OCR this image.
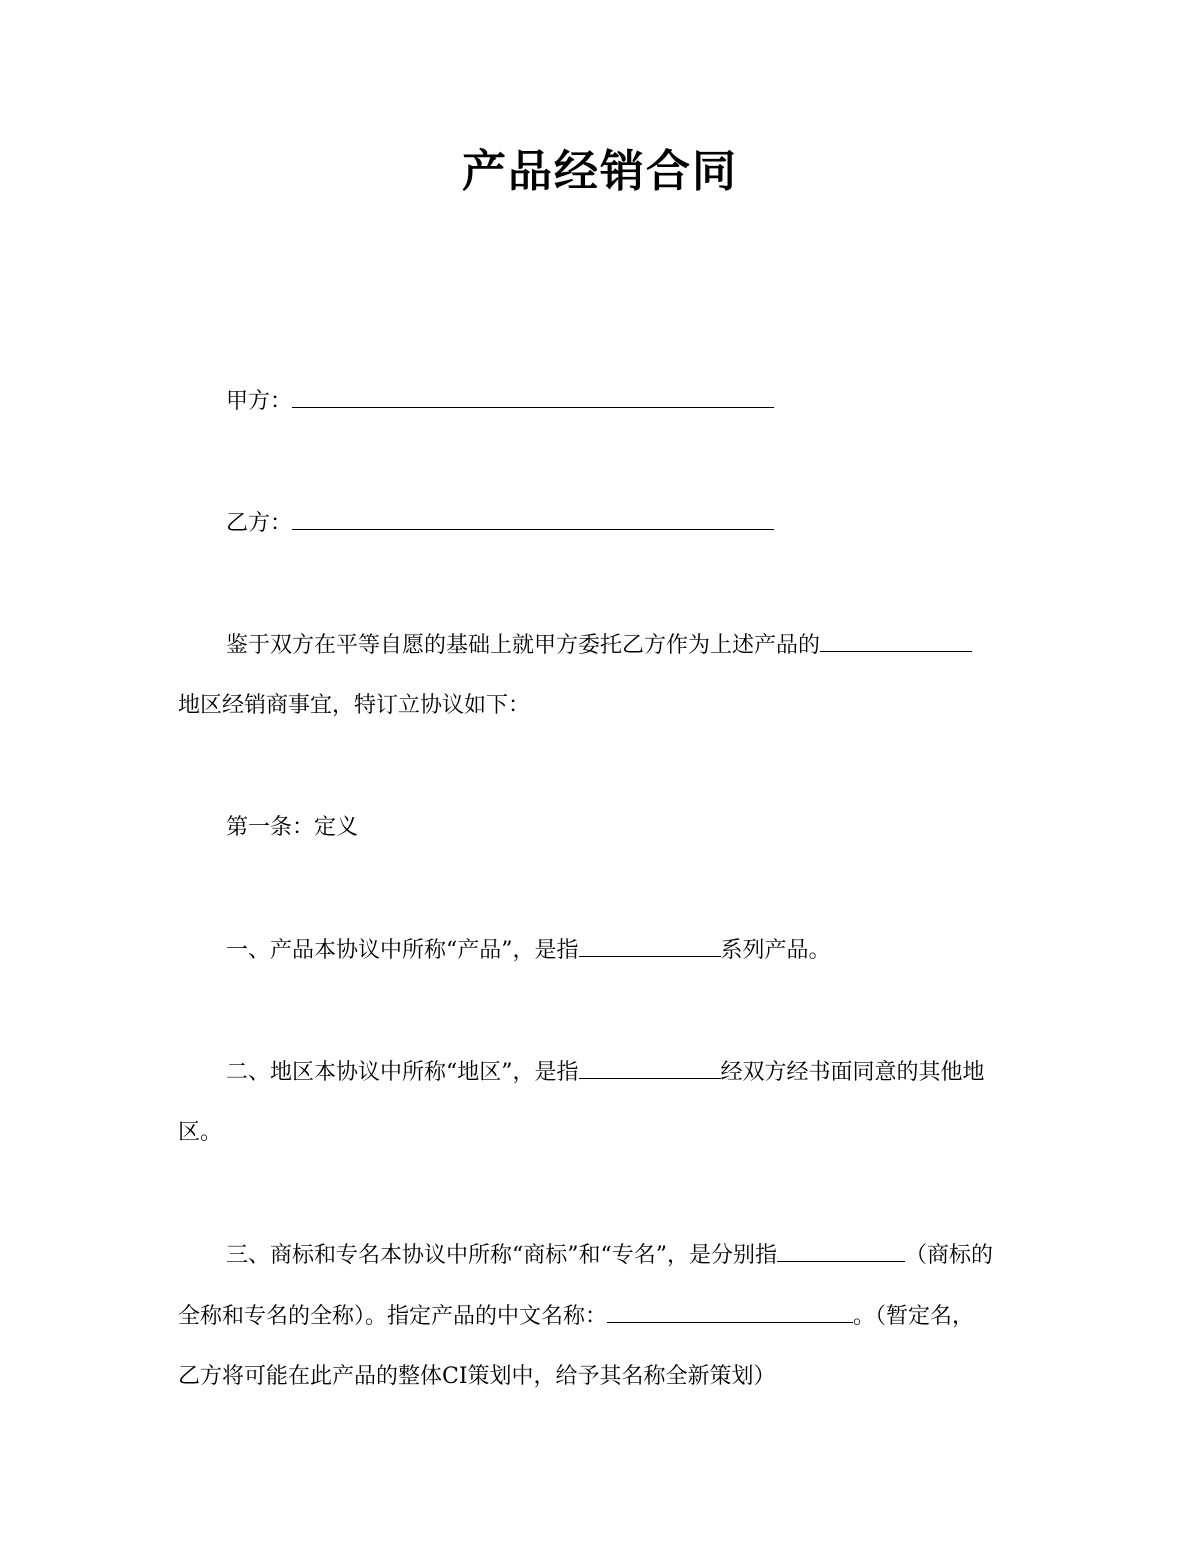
产品经销合同
甲方：
乙方：
鉴于双方在平等自愿的基础上就甲方委托乙方作为上述产品的
地区经销商事宜，特订立协议如下：
第一条：定义
一、产品本协议中所称“产品”，是指	系列产品。
二、地区本协议中所称“地区”，是指	经双方经书面同意的其他地
区。
三、商标和专名本协议中所称“商标”和“专名”，是分别指	（商标的
全称和专名的全称）。指定产品的中文名称：	。（暂定名，
乙方将可能在此产品的整体CI策划中，给予其名称全新策划）
